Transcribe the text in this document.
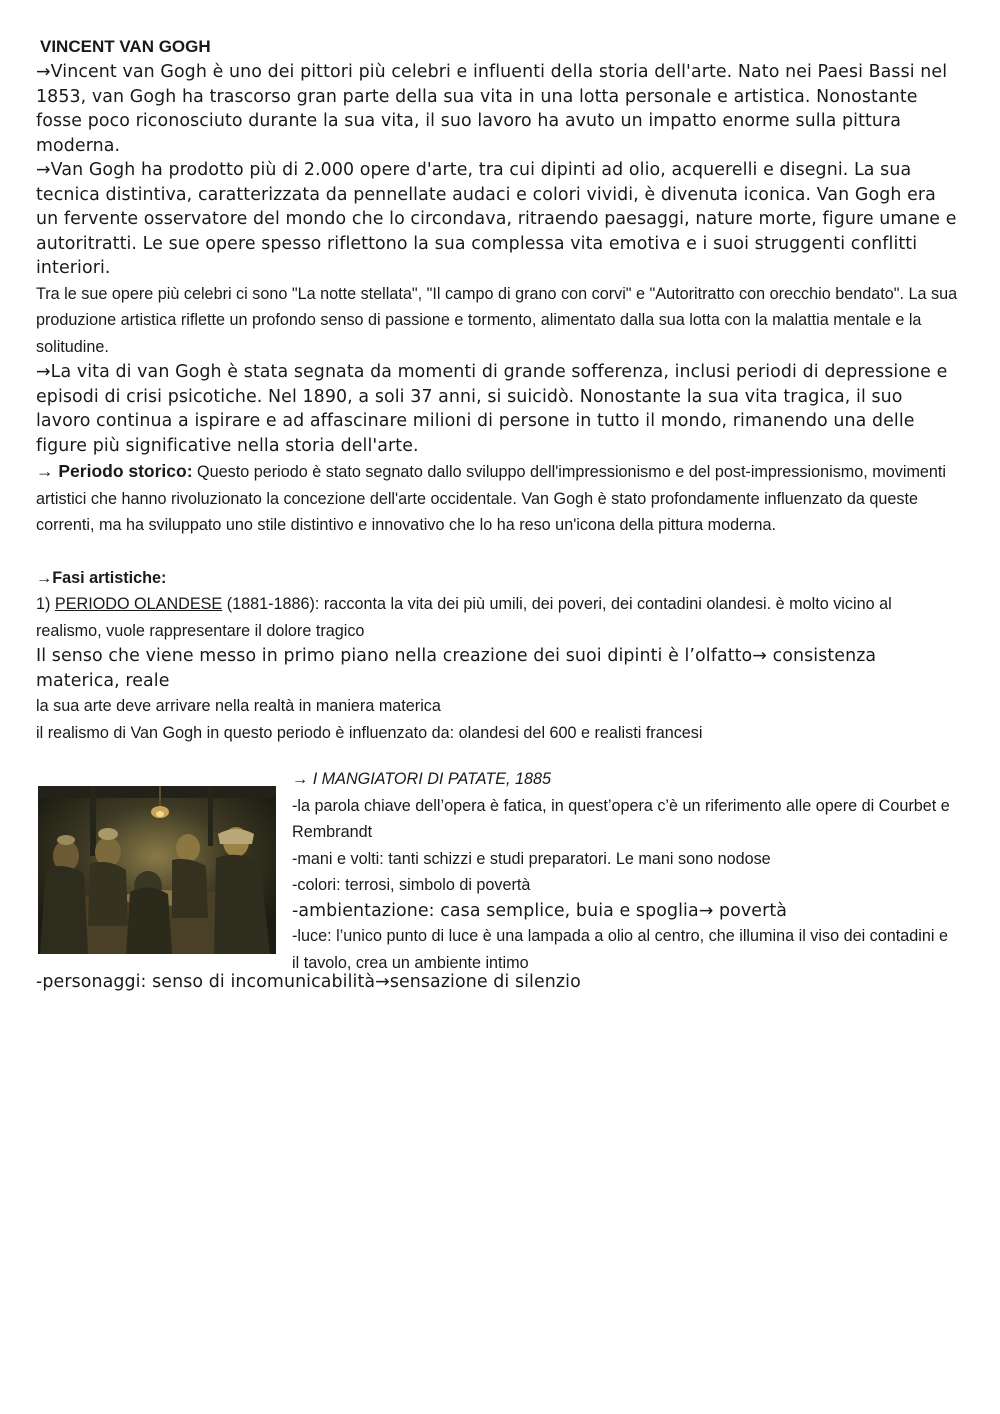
VINCENT VAN GOGH

→Vincent van Gogh è uno dei pittori più celebri e influenti della storia dell'arte. Nato nei Paesi Bassi nel 1853, van Gogh ha trascorso gran parte della sua vita in una lotta personale e artistica. Nonostante fosse poco riconosciuto durante la sua vita, il suo lavoro ha avuto un impatto enorme sulla pittura moderna.

→Van Gogh ha prodotto più di 2.000 opere d'arte, tra cui dipinti ad olio, acquerelli e disegni. La sua tecnica distintiva, caratterizzata da pennellate audaci e colori vividi, è divenuta iconica. Van Gogh era un fervente osservatore del mondo che lo circondava, ritraendo paesaggi, nature morte, figure umane e autoritratti. Le sue opere spesso riflettono la sua complessa vita emotiva e i suoi struggenti conflitti interiori.

Tra le sue opere più celebri ci sono "La notte stellata", "Il campo di grano con corvi" e "Autoritratto con orecchio bendato". La sua produzione artistica riflette un profondo senso di passione e tormento, alimentato dalla sua lotta con la malattia mentale e la solitudine.

→La vita di van Gogh è stata segnata da momenti di grande sofferenza, inclusi periodi di depressione e episodi di crisi psicotiche. Nel 1890, a soli 37 anni, si suicidò. Nonostante la sua vita tragica, il suo lavoro continua a ispirare e ad affascinare milioni di persone in tutto il mondo, rimanendo una delle figure più significative nella storia dell'arte.

→ Periodo storico: Questo periodo è stato segnato dallo sviluppo dell'impressionismo e del post-impressionismo, movimenti artistici che hanno rivoluzionato la concezione dell'arte occidentale. Van Gogh è stato profondamente influenzato da queste correnti, ma ha sviluppato uno stile distintivo e innovativo che lo ha reso un'icona della pittura moderna.

→Fasi artistiche:

1) PERIODO OLANDESE (1881-1886): racconta la vita dei più umili, dei poveri, dei contadini olandesi. è molto vicino al realismo, vuole rappresentare il dolore tragico

Il senso che viene messo in primo piano nella creazione dei suoi dipinti è l’olfatto→ consistenza materica, reale

la sua arte deve arrivare nella realtà in maniera materica

il realismo di Van Gogh in questo periodo è influenzato da: olandesi del 600 e realisti francesi

→ I MANGIATORI DI PATATE, 1885

-la parola chiave dell’opera è fatica, in quest’opera c’è un riferimento alle opere di Courbet e Rembrandt

-mani e volti: tanti schizzi e studi preparatori. Le mani sono nodose

-colori: terrosi, simbolo di povertà

-ambientazione: casa semplice, buia e spoglia→ povertà

-luce: l’unico punto di luce è una lampada a olio al centro, che illumina il viso dei contadini e il tavolo, crea un ambiente intimo

-personaggi: senso di incomunicabilità→sensazione di silenzio
